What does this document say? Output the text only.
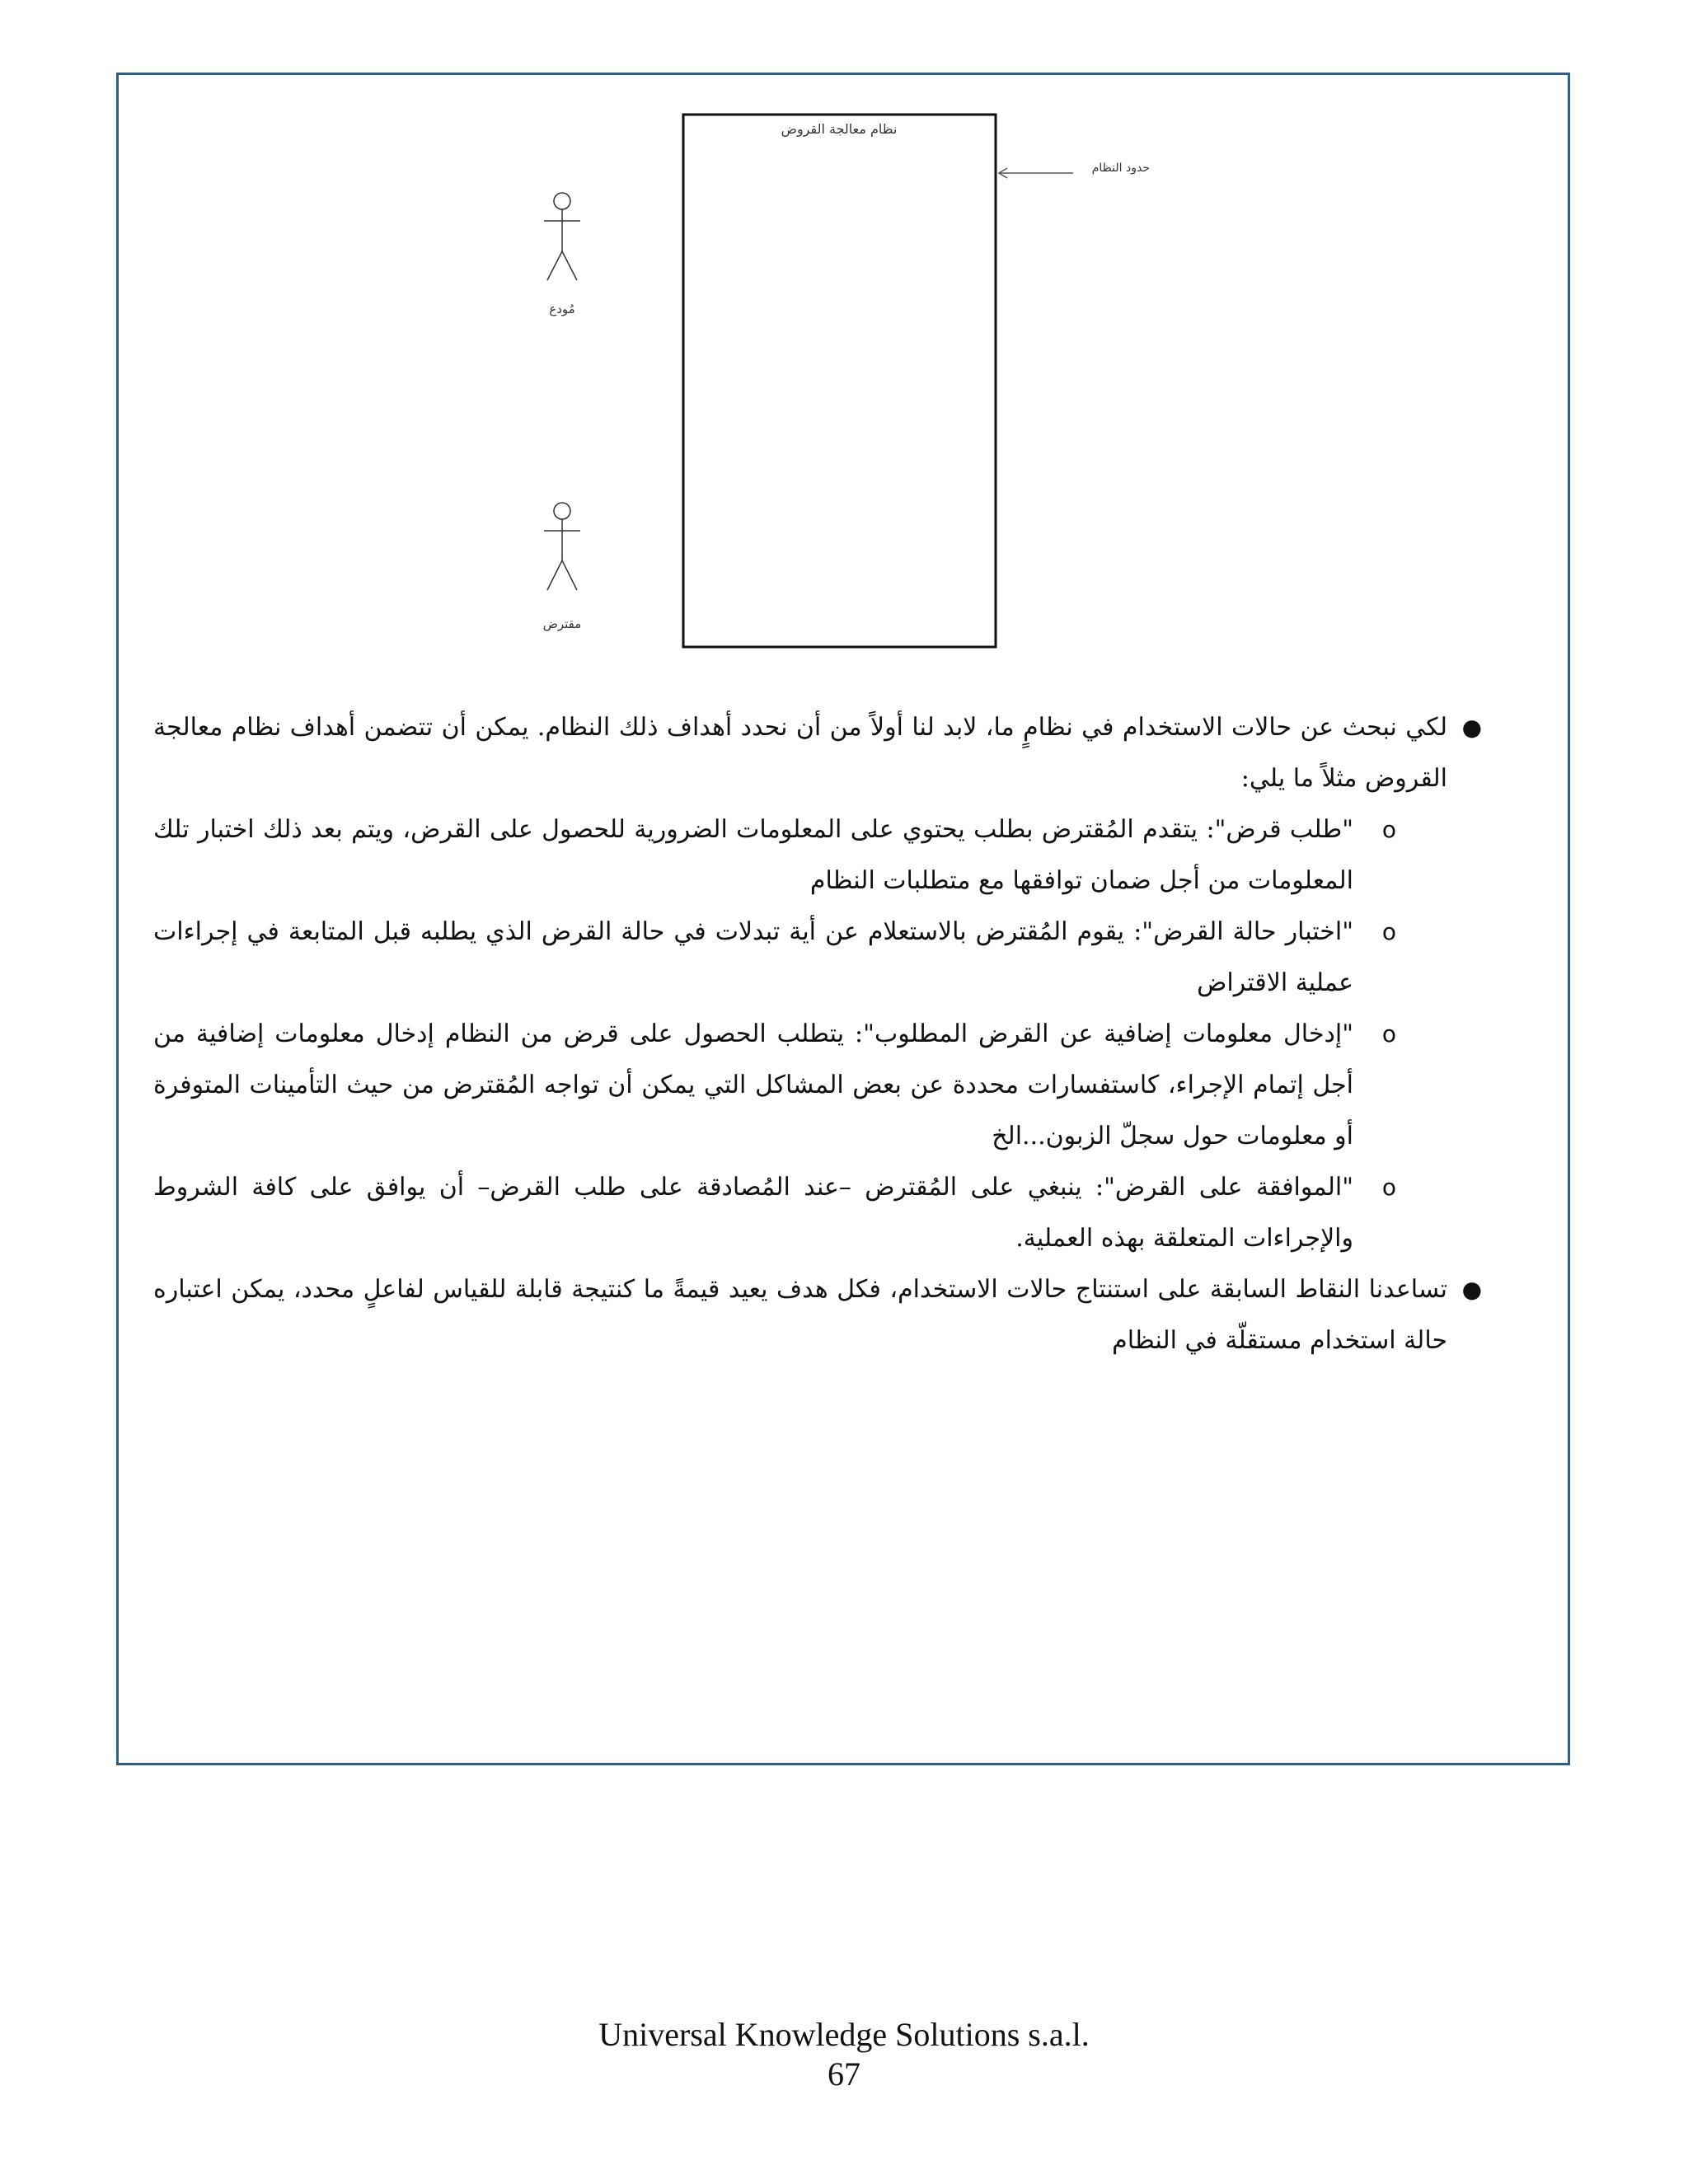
نظام معالجة القروض
حدود النظام
مُودع
مقترض
●
لكي نبحث عن حالات الاستخدام في نظامٍ ما، لابد لنا أولاً من أن نحدد أهداف ذلك النظام. يمكن أن تتضمن أهداف نظام معالجة القروض مثلاً ما يلي:
o
"طلب قرض": يتقدم المُقترض بطلب يحتوي على المعلومات الضرورية للحصول على القرض، ويتم بعد ذلك اختبار تلك المعلومات من أجل ضمان توافقها مع متطلبات النظام
o
"اختبار حالة القرض": يقوم المُقترض بالاستعلام عن أية تبدلات في حالة القرض الذي يطلبه قبل المتابعة في إجراءات عملية الاقتراض
o
"إدخال معلومات إضافية عن القرض المطلوب": يتطلب الحصول على قرض من النظام إدخال معلومات إضافية من أجل إتمام الإجراء، كاستفسارات محددة عن بعض المشاكل التي يمكن أن تواجه المُقترض من حيث التأمينات المتوفرة أو معلومات حول سجلّ الزبون...الخ
o
"الموافقة على القرض": ينبغي على المُقترض –عند المُصادقة على طلب القرض– أن يوافق على كافة الشروط والإجراءات المتعلقة بهذه العملية.
●
تساعدنا النقاط السابقة على استنتاج حالات الاستخدام، فكل هدف يعيد قيمةً ما كنتيجة قابلة للقياس لفاعلٍ محدد، يمكن اعتباره حالة استخدام مستقلّة في النظام
Universal Knowledge Solutions s.a.l.
67
